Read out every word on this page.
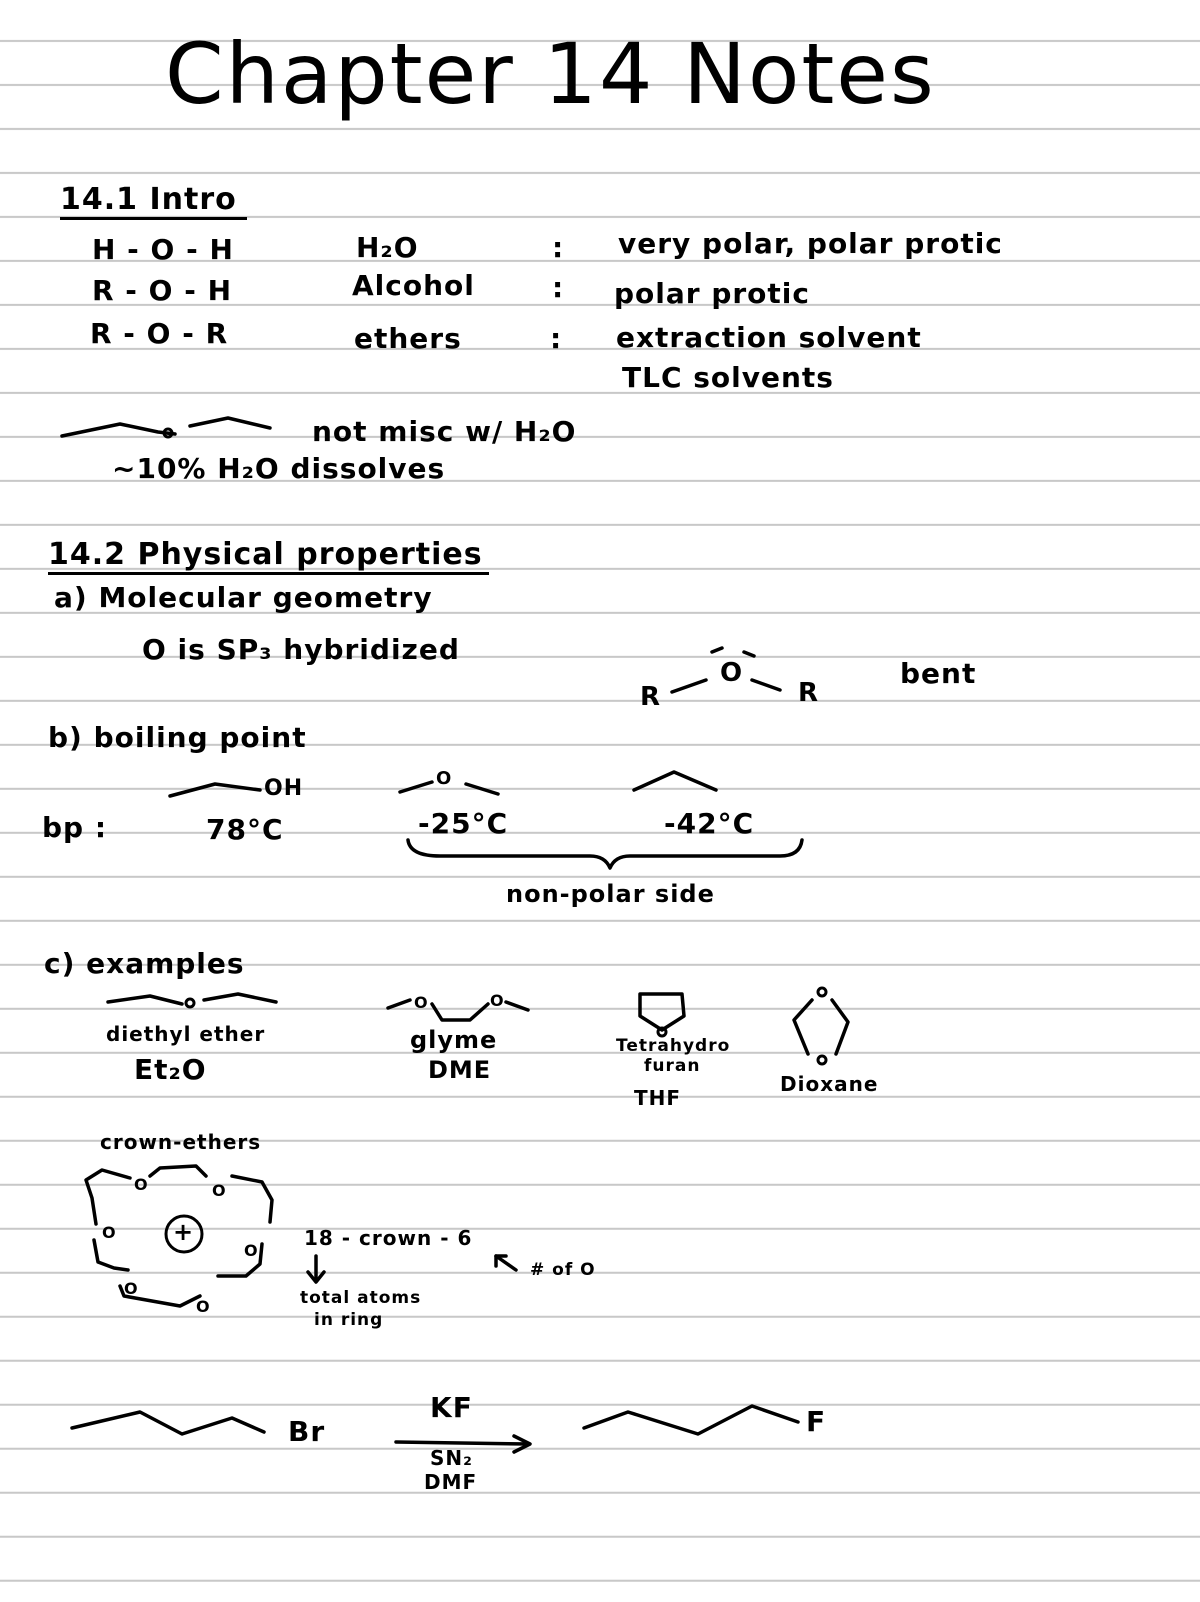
Chapter 14 Notes
14.1 Intro
H - O - H	H₂O	: very polar, polar protic
R - O - H	Alcohol	: polar protic
R - O - R	ethers	: extraction solvent
TLC solvents
not misc w/ H₂O
~10% H₂O dissolves
14.2 Physical properties
a) Molecular geometry
O is SP₃ hybridized
R
O
R
bent
b) boiling point
OH	O
bp :	78°C	-25°C	-42°C
non-polar side
c) examples
diethyl ether
Et₂O
glyme
DME
Tetrahydro
furan
THF
Dioxane
crown-ethers
+	18 - crown - 6
total atoms
in ring
# of O
Br
KF
SN₂
DMF
F
O	O
O	O
O
O
O
O
